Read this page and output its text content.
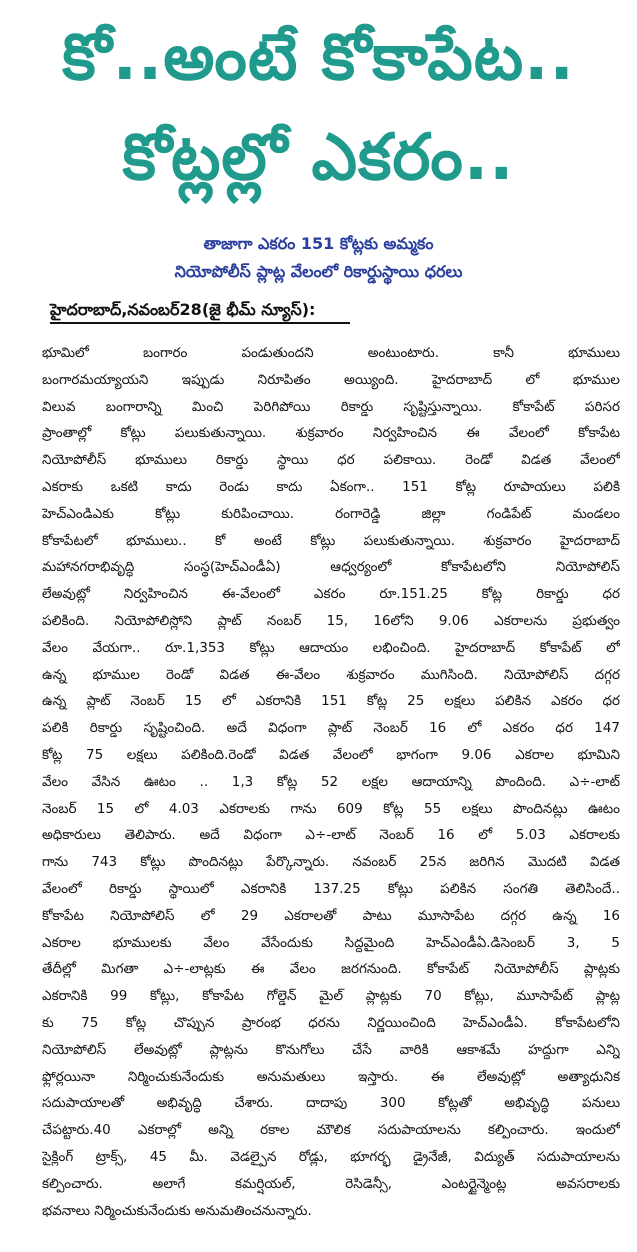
కో..అంటే కోకాపేట..
కోట్లల్లో ఎకరం..
తాజాగా ఎకరం 151 కోట్లకు అమ్మకం
నియోపోలీస్ ప్లాట్ల వేలంలో రికార్డుస్థాయి ధరలు
హైదరాబాద్,నవంబర్28(జై భీమ్ న్యూస్):
భూమిలో బంగారం పండుతుందని అంటుంటారు. కానీ భూములు
బంగారమయ్యాయని ఇప్పుడు నిరూపితం అయ్యింది. హైదరాబాద్ లో భూముల
విలువ బంగారాన్ని మించి పెరిగిపోయి రికార్డు సృష్టిస్తున్నాయి. కోకాపేట్ పరిసర
ప్రాంతాల్లో కోట్లు పలుకుతున్నాయి. శుక్రవారం నిర్వహించిన ఈ వేలంలో కోకాపేట
నియోపోలీస్ భూములు రికార్డు స్థాయి ధర పలికాయి. రెండో విడత వేలంలో
ఎకరాకు ఒకటి కాదు రెండు కాదు ఏకంగా.. 151 కోట్ల రూపాయలు పలికి
హెచ్ఎండిఎకు కోట్లు కురిపించాయి. రంగారెడ్డి జిల్లా గండిపేట్ మండలం
కోకాపేటలో భూములు.. కో అంటే కోట్లు పలుకుతున్నాయి. శుక్రవారం హైదరాబాద్
మహానగరాభివృద్ధి సంస్థ(హెచ్ఎండీఏ) ఆధ్వర్యంలో కోకాపేటలోని నియోపోలిస్
లేఅవుట్లో నిర్వహించిన ఈ-వేలంలో ఎకరం రూ.151.25 కోట్ల రికార్డు ధర
పలికింది. నియోపోలిస్లోని ప్లాట్ నంబర్ 15, 16లోని 9.06 ఎకరాలను ప్రభుత్వం
వేలం వేయగా.. రూ.1,353 కోట్లు ఆదాయం లభించింది. హైదరాబాద్ కోకాపేట్ లో
ఉన్న భూముల రెండో విడత ఈ-వేలం శుక్రవారం ముగిసింది. నియోపోలిస్ దగ్గర
ఉన్న ప్లాట్ నెంబర్ 15 లో ఎకరానికి 151 కోట్ల 25 లక్షలు పలికిన ఎకరం ధర
పలికి రికార్డు సృష్టించింది. అదే విధంగా ప్లాట్ నెంబర్ 16 లో ఎకరం ధర 147
కోట్ల 75 లక్షలు పలికింది.రెండో విడత వేలంలో భాగంగా 9.06 ఎకరాల భూమిని
వేలం వేసిన ఊటం .. 1,3 కోట్ల 52 లక్షల ఆదాయాన్ని పొందింది. ఎ÷-లాట్
నెంబర్ 15 లో 4.03 ఎకరాలకు గాను 609 కోట్ల 55 లక్షలు పొందినట్లు ఊటం
అధికారులు తెలిపారు. అదే విధంగా ఎ÷-లాట్ నెంబర్ 16 లో 5.03 ఎకరాలకు
గాను 743 కోట్లు పొందినట్లు పేర్కొన్నారు. నవంబర్ 25న జరిగిన మొదటి విడత
వేలంలో రికార్డు స్థాయిలో ఎకరానికి 137.25 కోట్లు పలికిన సంగతి తెలిసిందే..
కోకాపేట నియోపోలిస్ లో 29 ఎకరాలతో పాటు మూసాపేట దగ్గర ఉన్న 16
ఎకరాల భూములకు వేలం వేసేందుకు సిద్దమైంది హెచ్ఎండీఏ.డిసెంబర్ 3, 5
తేదీల్లో మిగతా ఎ÷-లాట్లకు ఈ వేలం జరగనుంది. కోకాపేట్ నియోపోలీస్ ప్లాట్లకు
ఎకరానికి 99 కోట్లు, కోకాపేట గోల్డెన్ మైల్ ప్లాట్లకు 70 కోట్లు, మూసాపేట్ ప్లాట్ల
కు 75 కోట్ల చొప్పున ప్రారంభ ధరను నిర్ణయించింది హెచ్ఎండీఏ. కోకాపేటలోని
నియోపోలిస్ లేఅవుట్లో ప్లాట్లను కొనుగోలు చేసే వారికి ఆకాశమే హద్దుగా ఎన్ని
ఫ్లోర్లయినా నిర్మించుకునేందుకు అనుమతులు ఇస్తారు. ఈ లేఅవుట్లో అత్యాధునిక
సదుపాయాలతో అభివృద్ధి చేశారు. దాదాపు 300 కోట్లతో అభివృద్ధి పనులు
చేపట్టారు.40 ఎకరాల్లో అన్ని రకాల మౌలిక సదుపాయాలను కల్పించారు. ఇందులో
సైక్లింగ్ ట్రాక్స్, 45 మీ. వెడల్పైన రోడ్లు, భూగర్భ డ్రైనేజీ, విద్యుత్ సదుపాయాలను
కల్పించారు. అలాగే కమర్షియల్, రెసిడెన్సీ, ఎంటర్టైన్మెంట్ల అవసరాలకు
భవనాలు నిర్మించుకునేందుకు అనుమతించనున్నారు.
